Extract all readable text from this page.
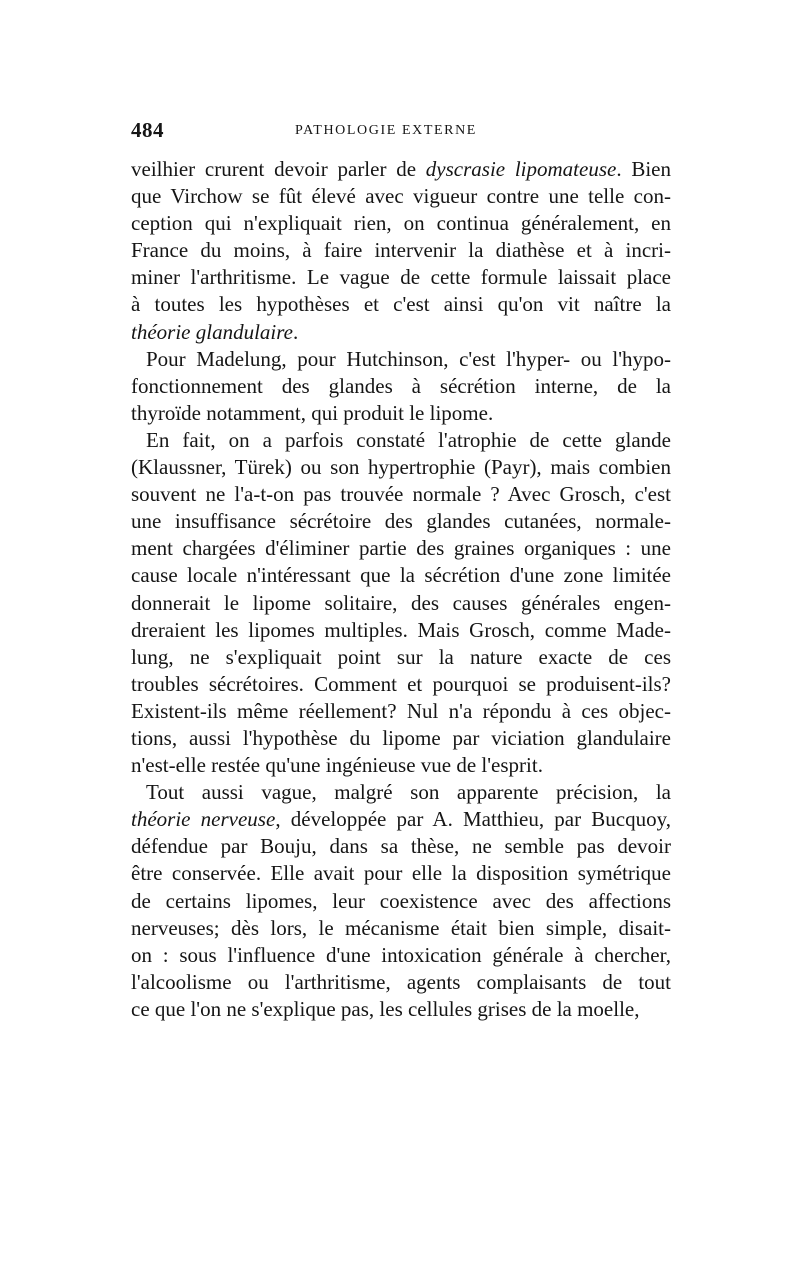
484	PATHOLOGIE EXTERNE
veilhier crurent devoir parler de dyscrasie lipomateuse. Bien
que Virchow se fût élevé avec vigueur contre une telle con-
ception qui n'expliquait rien, on continua généralement, en
France du moins, à faire intervenir la diathèse et à incri-
miner l'arthritisme. Le vague de cette formule laissait place
à toutes les hypothèses et c'est ainsi qu'on vit naître la
théorie glandulaire.
Pour Madelung, pour Hutchinson, c'est l'hyper- ou l'hypo-
fonctionnement des glandes à sécrétion interne, de la
thyroïde notamment, qui produit le lipome.
En fait, on a parfois constaté l'atrophie de cette glande
(Klaussner, Türek) ou son hypertrophie (Payr), mais combien
souvent ne l'a-t-on pas trouvée normale ? Avec Grosch, c'est
une insuffisance sécrétoire des glandes cutanées, normale-
ment chargées d'éliminer partie des graines organiques : une
cause locale n'intéressant que la sécrétion d'une zone limitée
donnerait le lipome solitaire, des causes générales engen-
dreraient les lipomes multiples. Mais Grosch, comme Made-
lung, ne s'expliquait point sur la nature exacte de ces
troubles sécrétoires. Comment et pourquoi se produisent-ils?
Existent-ils même réellement? Nul n'a répondu à ces objec-
tions, aussi l'hypothèse du lipome par viciation glandulaire
n'est-elle restée qu'une ingénieuse vue de l'esprit.
Tout aussi vague, malgré son apparente précision, la
théorie nerveuse, développée par A. Matthieu, par Bucquoy,
défendue par Bouju, dans sa thèse, ne semble pas devoir
être conservée. Elle avait pour elle la disposition symétrique
de certains lipomes, leur coexistence avec des affections
nerveuses; dès lors, le mécanisme était bien simple, disait-
on : sous l'influence d'une intoxication générale à chercher,
l'alcoolisme ou l'arthritisme, agents complaisants de tout
ce que l'on ne s'explique pas, les cellules grises de la moelle,
